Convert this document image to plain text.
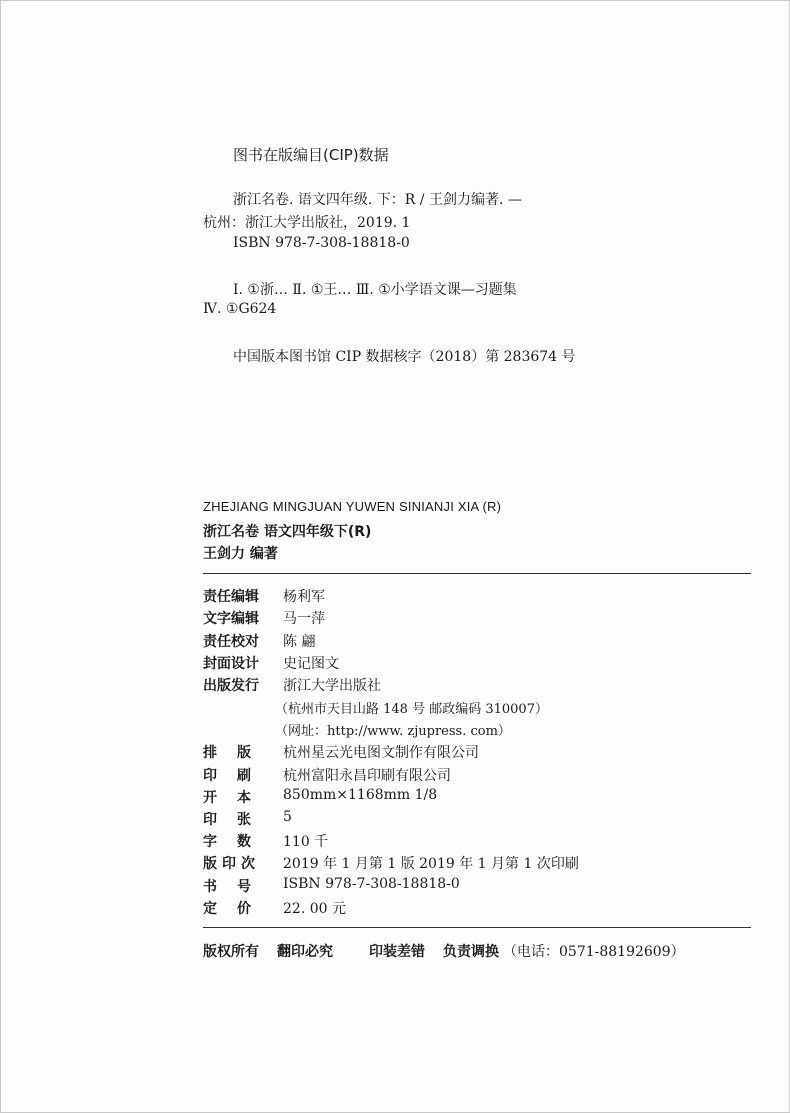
图书在版编目(CIP)数据
浙江名卷. 语文四年级. 下：R / 王剑力编著. —
杭州：浙江大学出版社，2019. 1
ISBN 978-7-308-18818-0
Ⅰ. ①浙… Ⅱ. ①王… Ⅲ. ①小学语文课—习题集
Ⅳ. ①G624
中国版本图书馆 CIP 数据核字（2018）第 283674 号
ZHEJIANG MINGJUAN YUWEN SINIANJI XIA (R)
浙江名卷 语文四年级下(R)
王剑力 编著
责任编辑 杨利军
文字编辑	马一萍
责任校对	陈 翩
封面设计	史记图文
出版发行	浙江大学出版社
（杭州市天目山路 148 号 邮政编码 310007）
（网址：http://www. zjupress. com）
排版 杭州星云光电图文制作有限公司
印刷 杭州富阳永昌印刷有限公司
开本 850mm×1168mm 1/8
印张 5
字数 110 千
版印次	2019 年 1 月第 1 版 2019 年 1 月第 1 次印刷
书号 ISBN 978-7-308-18818-0
定价 22. 00 元
版权所有 翻印必究	印装差错 负责调换 （电话：0571-88192609）
